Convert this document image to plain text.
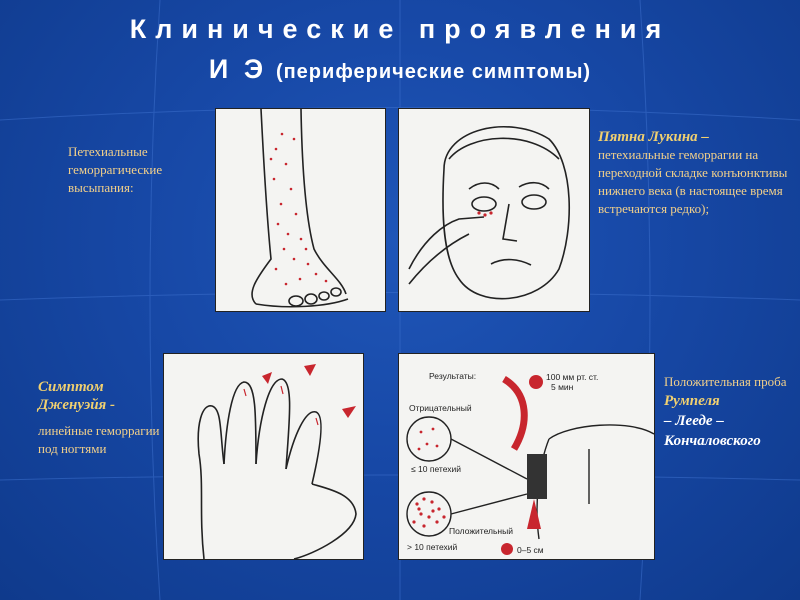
Клинические проявления
И Э (периферические симптомы)
Петехиальные геморрагические высыпания:
Пятна Лукина –
петехиальные геморрагии на переходной складке конъюнктивы нижнего века (в настоящее время встречаются редко);
Симптом Дженуэйя -
линейные геморрагии под ногтями
Положительная проба Румпеля
– Лееде –
Кончаловского
Результаты:	100 мм рт. ст.
5 мин
Отрицательный
≤ 10 петехий
Положительный
> 10 петехий	0–5 см
